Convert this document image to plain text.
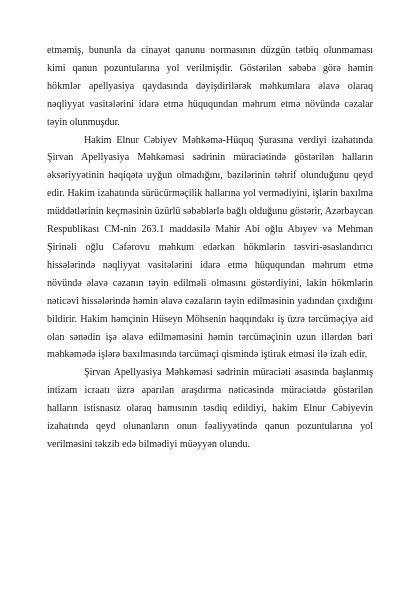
etməmiş, bununla da cinayət qanunu normasının düzgün tətbiq olunmaması kimi qanun pozuntularına yol verilmişdir. Göstərilən səbəbə görə həmin hökmlər apellyasiya qaydasında dəyişdirilərək məhkumlara əlavə olaraq nəqliyyat vasitələrini idarə etmə hüququndan məhrum etmə növündə cəzalar təyin olunmuşdur.

Hakim Elnur Cəbiyev Məhkəmə-Hüquq Şurasına verdiyi izahatında Şirvan Apellyasiya Məhkəməsi sədrinin müraciətində göstərilən halların əksəriyyətinin həqiqətə uyğun olmadığını, bəzilərinin təhrif olunduğunu qeyd edir. Hakim izahatında sürücürməçilik hallarına yol vermədiyini, işlərin baxılma müddətlərinin keçməsinin üzürlü səbəblərlə bağlı olduğunu göstərir, Azərbaycan Respublikası CM-nin 263.1 maddəsilə Mahir Abi oğlu Abıyev və Mehman Şirinəli oğlu Cəfərovu məhkum edərkən hökmlərin təsviri-əsaslandırıcı hissələrində nəqliyyat vasitələrini idarə etmə hüququndan məhrum etmə növündə əlavə cəzanın təyin edilməli olmasını göstərdiyini, lakin hökmlərin nəticəvi hissələrində həmin əlavə cəzaların təyin edilməsinin yadından çıxdığını bildirir. Hakim həmçinin Hüseyn Möhsenin haqqındakı iş üzrə tərcüməçiyə aid olan sənədin işə əlavə edilməməsini həmin tərcüməçinin uzun illərdən bəri məhkəmədə işlərə baxılmasında tərcüməçi qismində iştirak etməsi ilə izah edir.

Şirvan Apellyasiya Məhkəməsi sədrinin müraciəti əsasında başlanmış intizam icraatı üzrə aparılan araşdırma nəticəsində müraciətdə göstərilən halların istisnasız olaraq hamısının təsdiq edildiyi, hakim Elnur Cəbiyevin izahatında qeyd olunanların onun fəaliyyətində qanun pozuntularına yol verilməsini təkzib edə bilmədiyi müəyyən olundu.
